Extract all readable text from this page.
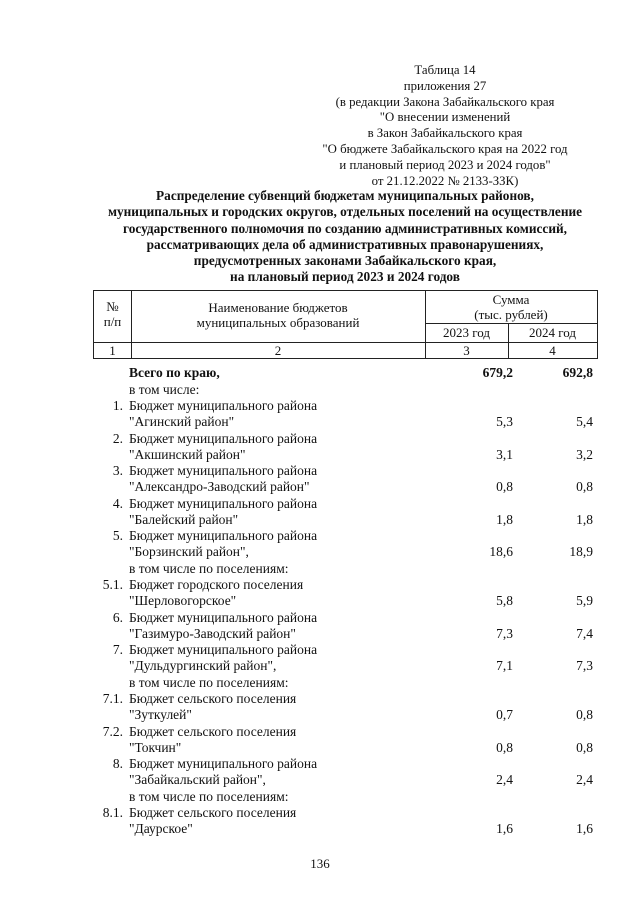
Таблица 14
приложения 27
(в редакции Закона Забайкальского края
"О внесении изменений
в Закон Забайкальского края
"О бюджете Забайкальского края на 2022 год
и плановый период 2023 и 2024 годов"
от 21.12.2022 № 2133-ЗЗК)
Распределение субвенций бюджетам муниципальных районов,
муниципальных и городских округов, отдельных поселений на осуществление
государственного полномочия по созданию административных комиссий,
рассматривающих дела об административных правонарушениях,
предусмотренных законами Забайкальского края,
на плановый период 2023 и 2024 годов
№
п/п
Наименование бюджетов
муниципальных образований
Сумма
(тыс. рублей)
2023 год	2024 год
1	2	3	4
Всего по краю,	679,2	692,8
в том числе:
1. Бюджет муниципального района
"Агинский район"	5,3	5,4
2. Бюджет муниципального района
"Акшинский район"	3,1	3,2
3. Бюджет муниципального района
"Александро-Заводский район"	0,8	0,8
4. Бюджет муниципального района
"Балейский район"	1,8	1,8
5. Бюджет муниципального района
"Борзинский район",	18,6	18,9
в том числе по поселениям:
5.1. Бюджет городского поселения
"Шерловогорское"	5,8	5,9
6. Бюджет муниципального района
"Газимуро-Заводский район"	7,3	7,4
7. Бюджет муниципального района
"Дульдургинский район",	7,1	7,3
в том числе по поселениям:
7.1. Бюджет сельского поселения
"Зуткулей"	0,7	0,8
7.2. Бюджет сельского поселения
"Токчин"	0,8	0,8
8. Бюджет муниципального района
"Забайкальский район",	2,4	2,4
в том числе по поселениям:
8.1. Бюджет сельского поселения
"Даурское"	1,6	1,6
136
